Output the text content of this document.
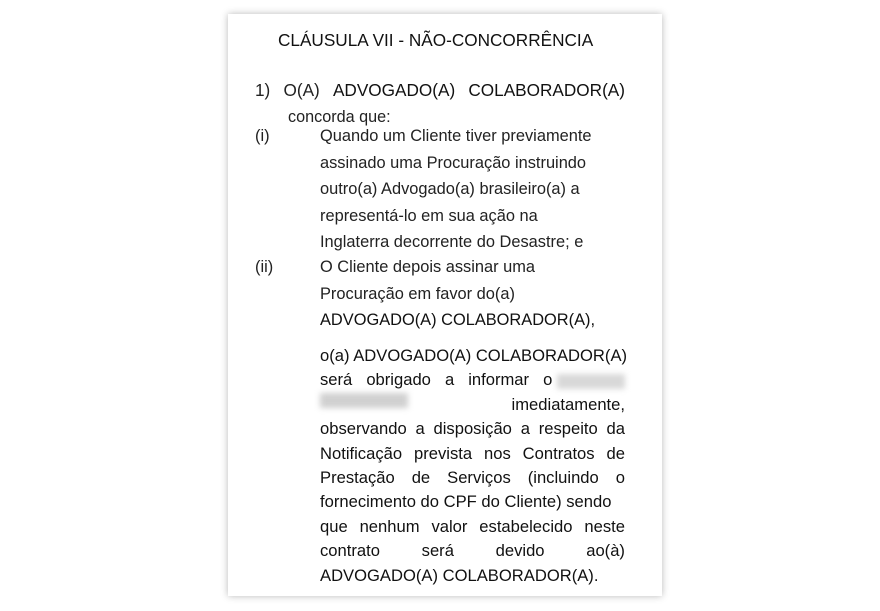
CLÁUSULA VII - NÃO-CONCORRÊNCIA
1) O(A) ADVOGADO(A) COLABORADOR(A)
concorda que:
(i)	Quando um Cliente tiver previamente
assinado uma Procuração instruindo
outro(a) Advogado(a) brasileiro(a) a
representá-lo em sua ação na
Inglaterra decorrente do Desastre; e
(ii)	O Cliente depois assinar uma
Procuração em favor do(a)
ADVOGADO(A) COLABORADOR(A),
o(a) ADVOGADO(A) COLABORADOR(A)
será obrigado a informar o
imediatamente,
observando a disposição a respeito da
Notificação prevista nos Contratos de
Prestação de Serviços (incluindo o
fornecimento do CPF do Cliente) sendo
que nenhum valor estabelecido neste
contrato	será	devido	ao(à)
ADVOGADO(A) COLABORADOR(A).
